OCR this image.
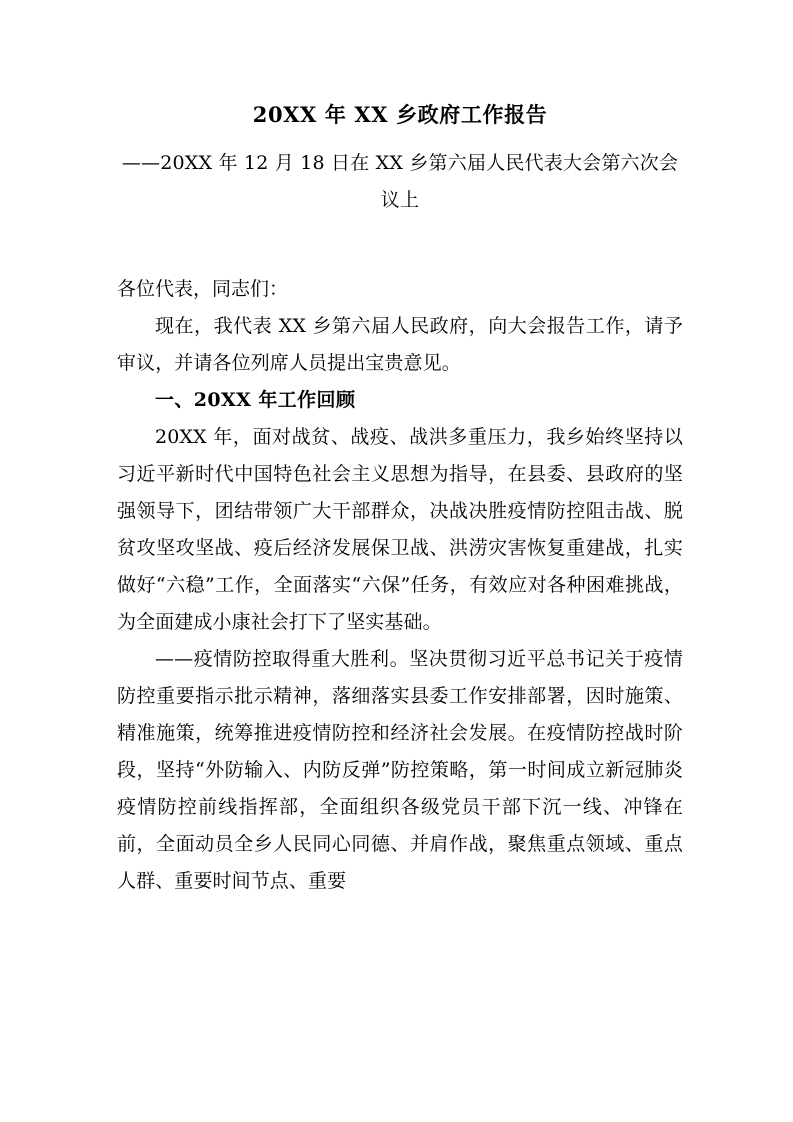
20XX 年 XX 乡政府工作报告

——20XX 年 12 月 18 日在 XX 乡第六届人民代表大会第六次会议上

各位代表，同志们：

现在，我代表 XX 乡第六届人民政府，向大会报告工作，请予审议，并请各位列席人员提出宝贵意见。

一、20XX 年工作回顾

20XX 年，面对战贫、战疫、战洪多重压力，我乡始终坚持以习近平新时代中国特色社会主义思想为指导，在县委、县政府的坚强领导下，团结带领广大干部群众，决战决胜疫情防控阻击战、脱贫攻坚攻坚战、疫后经济发展保卫战、洪涝灾害恢复重建战，扎实做好“六稳”工作，全面落实“六保”任务，有效应对各种困难挑战，为全面建成小康社会打下了坚实基础。

——疫情防控取得重大胜利。坚决贯彻习近平总书记关于疫情防控重要指示批示精神，落细落实县委工作安排部署，因时施策、精准施策，统筹推进疫情防控和经济社会发展。在疫情防控战时阶段，坚持“外防输入、内防反弹”防控策略，第一时间成立新冠肺炎疫情防控前线指挥部，全面组织各级党员干部下沉一线、冲锋在前，全面动员全乡人民同心同德、并肩作战，聚焦重点领域、重点人群、重要时间节点、重要
